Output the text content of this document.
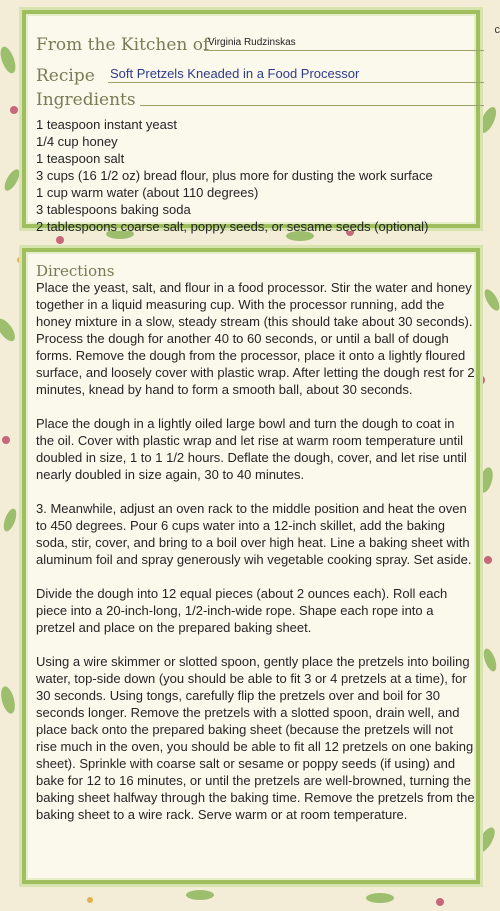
c
From the Kitchen of
Virginia Rudzinskas
Recipe Soft Pretzels Kneaded in a Food Processor
Ingredients
1 teaspoon instant yeast
1/4 cup honey
1 teaspoon salt
3 cups (16 1/2 oz) bread flour, plus more for dusting the work surface
1 cup warm water (about 110 degrees)
3 tablespoons baking soda
2 tablespoons coarse salt, poppy seeds, or sesame seeds (optional)
Directions

Place the yeast, salt, and flour in a food processor. Stir the water and honey together in a liquid measuring cup. With the processor running, add the honey mixture in a slow, steady stream (this should take about 30 seconds). Process the dough for another 40 to 60 seconds, or until a ball of dough forms. Remove the dough from the processor, place it onto a lightly floured surface, and loosely cover with plastic wrap. After letting the dough rest for 2 minutes, knead by hand to form a smooth ball, about 30 seconds.

Place the dough in a lightly oiled large bowl and turn the dough to coat in the oil. Cover with plastic wrap and let rise at warm room temperature until doubled in size, 1 to 1 1/2 hours. Deflate the dough, cover, and let rise until nearly doubled in size again, 30 to 40 minutes.

3. Meanwhile, adjust an oven rack to the middle position and heat the oven to 450 degrees. Pour 6 cups water into a 12-inch skillet, add the baking soda, stir, cover, and bring to a boil over high heat. Line a baking sheet with aluminum foil and spray generously wih vegetable cooking spray. Set aside.

Divide the dough into 12 equal pieces (about 2 ounces each). Roll each piece into a 20-inch-long, 1/2-inch-wide rope. Shape each rope into a pretzel and place on the prepared baking sheet.

Using a wire skimmer or slotted spoon, gently place the pretzels into boiling water, top-side down (you should be able to fit 3 or 4 pretzels at a time), for 30 seconds. Using tongs, carefully flip the pretzels over and boil for 30 seconds longer. Remove the pretzels with a slotted spoon, drain well, and place back onto the prepared baking sheet (because the pretzels will not rise much in the oven, you should be able to fit all 12 pretzels on one baking sheet). Sprinkle with coarse salt or sesame or poppy seeds (if using) and bake for 12 to 16 minutes, or until the pretzels are well-browned, turning the baking sheet halfway through the baking time. Remove the pretzels from the baking sheet to a wire rack. Serve warm or at room temperature.
